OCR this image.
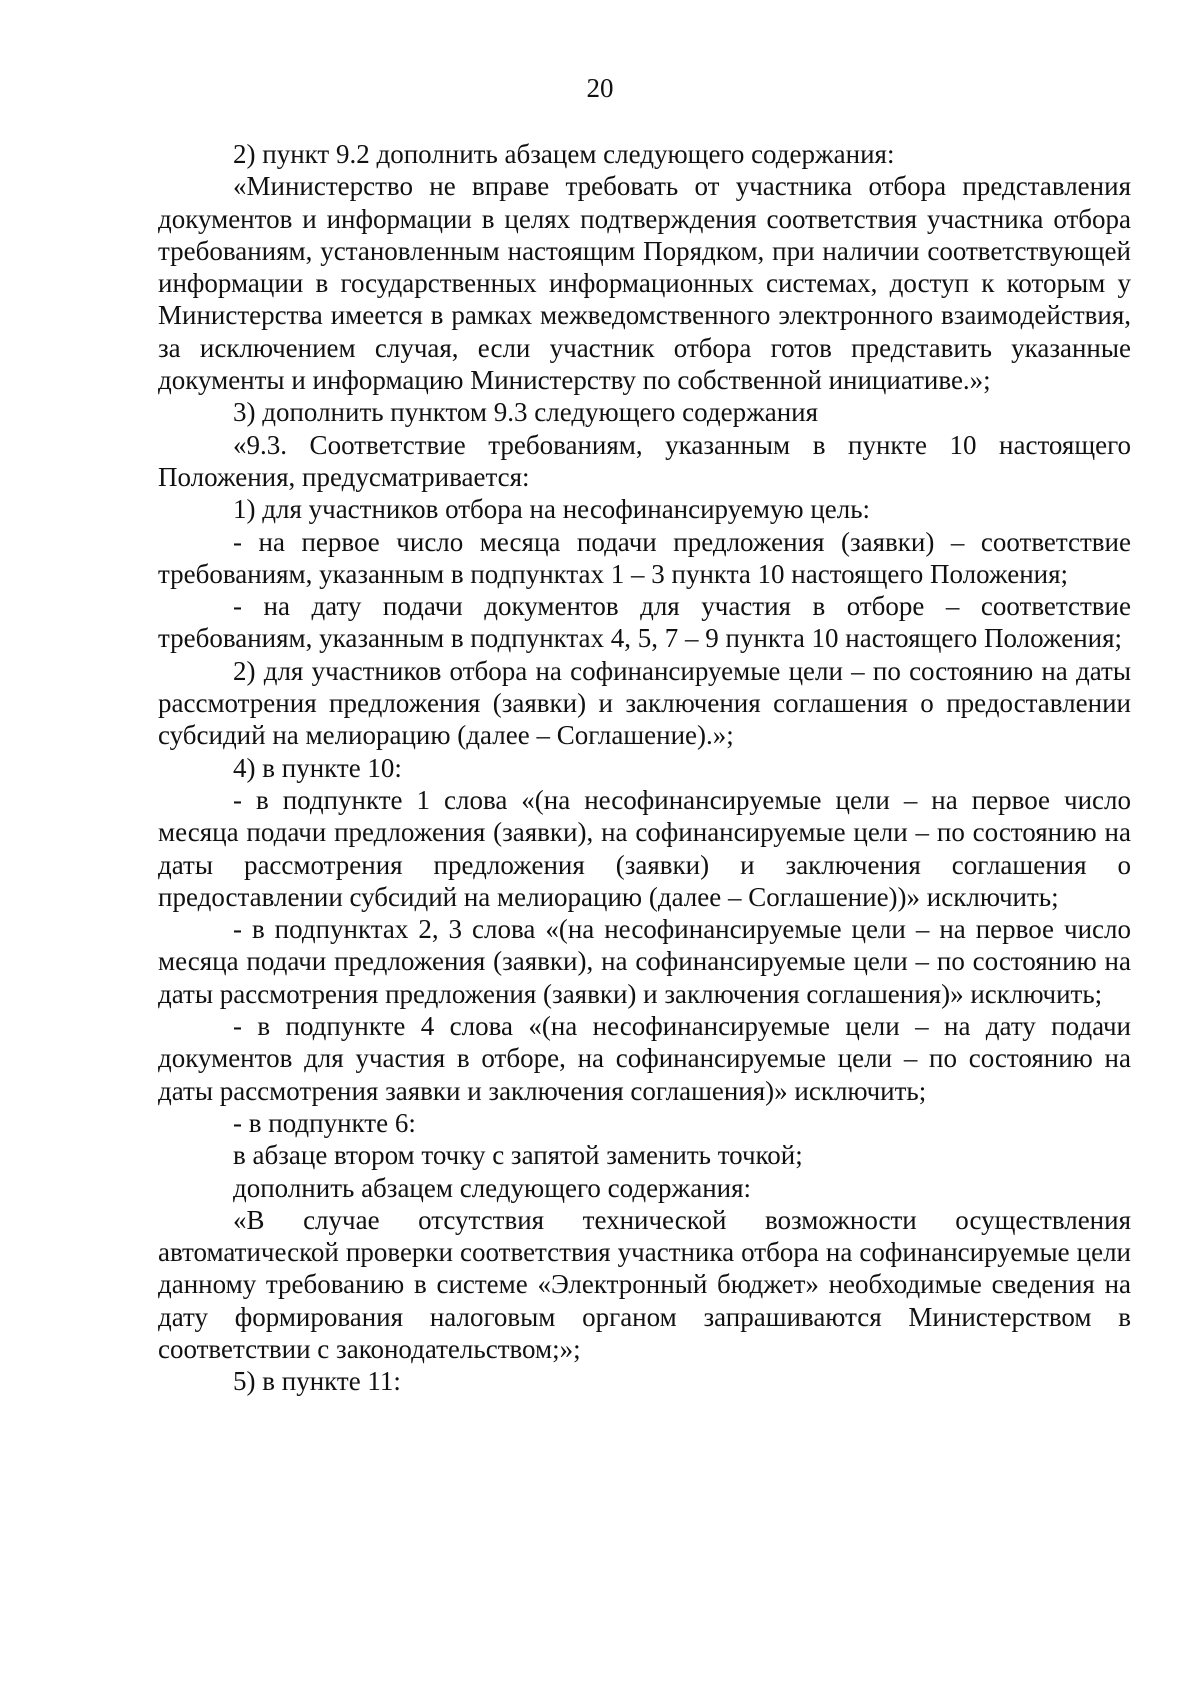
20

2) пункт 9.2 дополнить абзацем следующего содержания:

«Министерство не вправе требовать от участника отбора представления документов и информации в целях подтверждения соответствия участника отбора требованиям, установленным настоящим Порядком, при наличии соответствующей информации в государственных информационных системах, доступ к которым у Министерства имеется в рамках межведомственного электронного взаимодействия, за исключением случая, если участник отбора готов представить указанные документы и информацию Министерству по собственной инициативе.»;

3) дополнить пунктом 9.3 следующего содержания

«9.3. Соответствие требованиям, указанным в пункте 10 настоящего Положения, предусматривается:

1) для участников отбора на несофинансируемую цель:

- на первое число месяца подачи предложения (заявки) – соответствие требованиям, указанным в подпунктах 1 – 3 пункта 10 настоящего Положения;

- на дату подачи документов для участия в отборе – соответствие требованиям, указанным в подпунктах 4, 5, 7 – 9 пункта 10 настоящего Положения;

2) для участников отбора на софинансируемые цели – по состоянию на даты рассмотрения предложения (заявки) и заключения соглашения о предоставлении субсидий на мелиорацию (далее – Соглашение).»;

4) в пункте 10:

- в подпункте 1 слова «(на несофинансируемые цели – на первое число месяца подачи предложения (заявки), на софинансируемые цели – по состоянию на даты рассмотрения предложения (заявки) и заключения соглашения о предоставлении субсидий на мелиорацию (далее – Соглашение))» исключить;

- в подпунктах 2, 3 слова «(на несофинансируемые цели – на первое число месяца подачи предложения (заявки), на софинансируемые цели – по состоянию на даты рассмотрения предложения (заявки) и заключения соглашения)» исключить;

- в подпункте 4 слова «(на несофинансируемые цели – на дату подачи документов для участия в отборе, на софинансируемые цели – по состоянию на даты рассмотрения заявки и заключения соглашения)» исключить;

- в подпункте 6:

в абзаце втором точку с запятой заменить точкой;

дополнить абзацем следующего содержания:

«В случае отсутствия технической возможности осуществления автоматической проверки соответствия участника отбора на софинансируемые цели данному требованию в системе «Электронный бюджет» необходимые сведения на дату формирования налоговым органом запрашиваются Министерством в соответствии с законодательством;»;

5) в пункте 11:
